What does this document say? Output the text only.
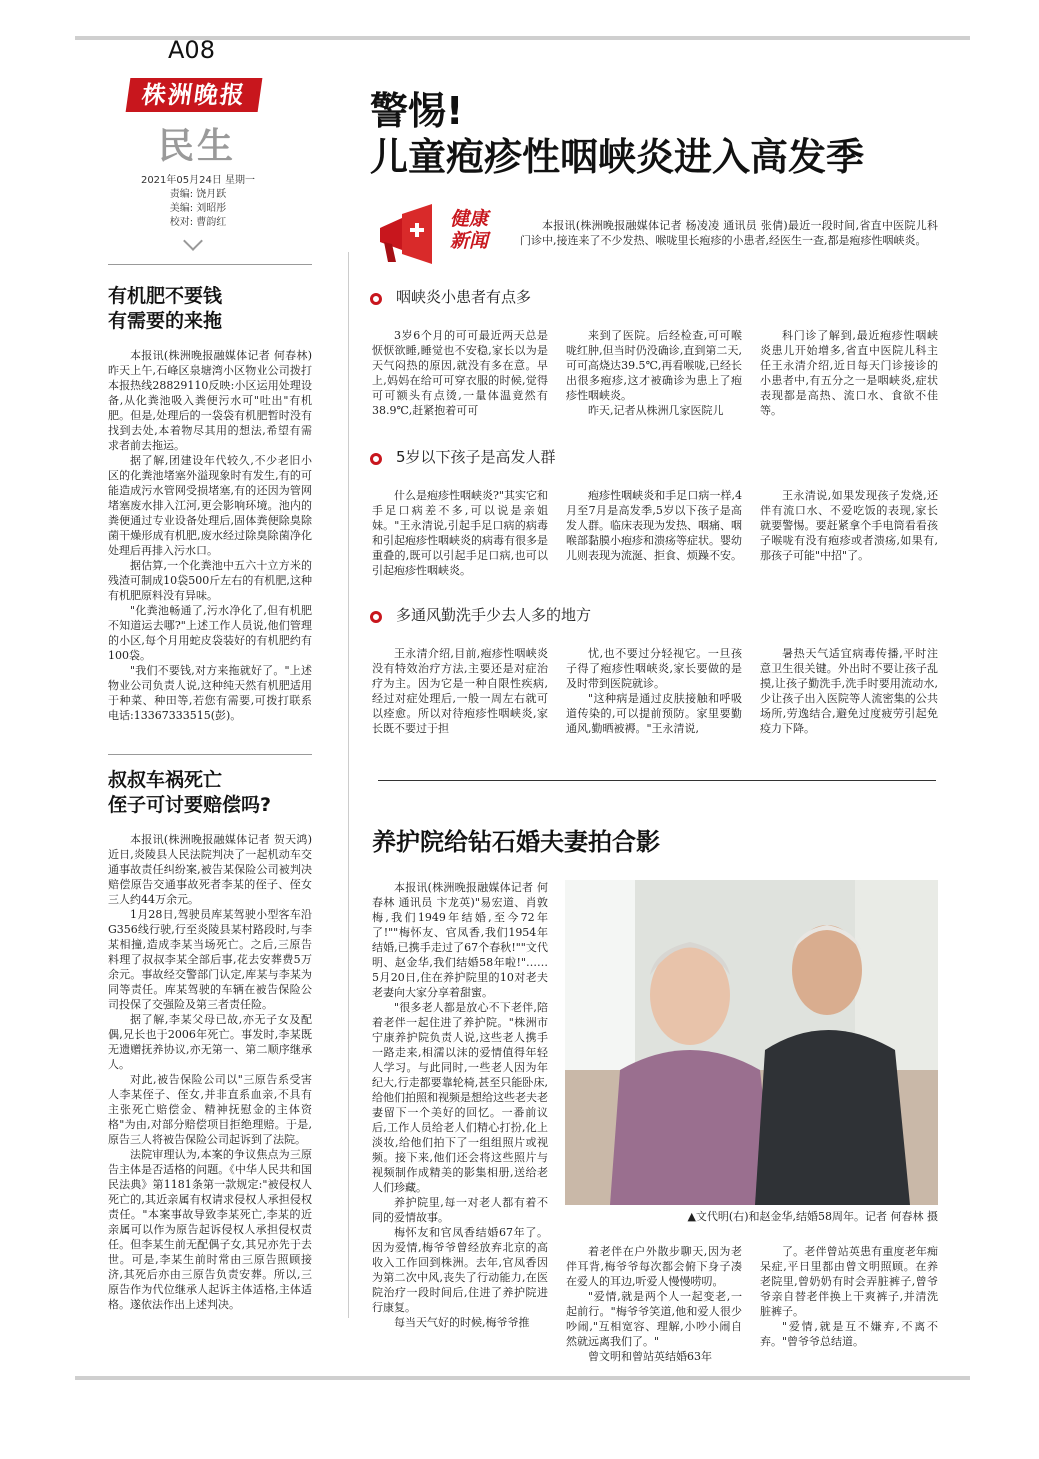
A08
株洲晚报
民生
2021年05月24日 星期一
责编: 饶月跃
美编: 刘昭彤
校对: 曹韵红
有机肥不要钱
有需要的来拖

本报讯(株洲晚报融媒体记者 何春林)昨天上午,石峰区泉塘湾小区物业公司拨打本报热线28829110反映:小区运用处理设备,从化粪池吸入粪便污水可"吐出"有机肥。但是,处理后的一袋袋有机肥暂时没有找到去处,本着物尽其用的想法,希望有需求者前去拖运。

据了解,团建设年代较久,不少老旧小区的化粪池堵塞外溢现象时有发生,有的可能造成污水管网受损堵塞,有的还因为管网堵塞废水排入江河,更会影响环境。池内的粪便通过专业设备处理后,固体粪便除臭除菌干燥形成有机肥,废水经过除臭除菌净化处理后再排入污水口。

据估算,一个化粪池中五六十立方米的残渣可制成10袋500斤左右的有机肥,这种有机肥原料没有异味。

"化粪池畅通了,污水净化了,但有机肥不知道运去哪?"上述工作人员说,他们管理的小区,每个月用蛇皮袋装好的有机肥约有100袋。

"我们不要钱,对方来拖就好了。"上述物业公司负责人说,这种纯天然有机肥适用于种菜、种田等,若您有需要,可拨打联系电话:13367333515(彭)。

叔叔车祸死亡
侄子可讨要赔偿吗?

本报讯(株洲晚报融媒体记者 贺天鸿)近日,炎陵县人民法院判决了一起机动车交通事故责任纠纷案,被告某保险公司被判决赔偿原告交通事故死者李某的侄子、侄女三人约44万余元。

1月28日,驾驶员库某驾驶小型客车沿G356线行驶,行至炎陵县某村路段时,与李某相撞,造成李某当场死亡。之后,三原告料理了叔叔李某全部后事,花去安葬费5万余元。事故经交警部门认定,库某与李某为同等责任。库某驾驶的车辆在被告保险公司投保了交强险及第三者责任险。

据了解,李某父母已故,亦无子女及配偶,兄长也于2006年死亡。事发时,李某既无遗赠抚养协议,亦无第一、第二顺序继承人。

对此,被告保险公司以"三原告系受害人李某侄子、侄女,并非直系血亲,不具有主张死亡赔偿金、精神抚慰金的主体资格"为由,对部分赔偿项目拒绝理赔。于是,原告三人将被告保险公司起诉到了法院。

法院审理认为,本案的争议焦点为三原告主体是否适格的问题。《中华人民共和国民法典》第1181条第一款规定:"被侵权人死亡的,其近亲属有权请求侵权人承担侵权责任。"本案事故导致李某死亡,李某的近亲属可以作为原告起诉侵权人承担侵权责任。但李某生前无配偶子女,其兄亦先于去世。可是,李某生前时常由三原告照顾接济,其死后亦由三原告负责安葬。所以,三原告作为代位继承人起诉主体适格,主体适格。遂依法作出上述判决。

警惕!
儿童疱疹性咽峡炎进入高发季
健康
新闻
本报讯(株洲晚报融媒体记者 杨凌凌 通讯员 张倩)最近一段时间,省直中医院儿科门诊中,接连来了不少发热、喉咙里长疱疹的小患者,经医生一查,都是疱疹性咽峡炎。
咽峡炎小患者有点多

3岁6个月的可可最近两天总是恹恹欲睡,睡觉也不安稳,家长以为是天气闷热的原因,就没有多在意。早上,妈妈在给可可穿衣服的时候,觉得可可额头有点烫,一量体温竟然有38.9℃,赶紧抱着可可

来到了医院。后经检查,可可喉咙红肿,但当时仍没确诊,直到第二天,可可高烧达39.5℃,再看喉咙,已经长出很多疱疹,这才被确诊为患上了疱疹性咽峡炎。

昨天,记者从株洲几家医院儿

科门诊了解到,最近疱疹性咽峡炎患儿开始增多,省直中医院儿科主任王永清介绍,近日每天门诊接诊的小患者中,有五分之一是咽峡炎,症状表现都是高热、流口水、食欲不佳等。

5岁以下孩子是高发人群

什么是疱疹性咽峡炎?"其实它和手足口病差不多,可以说是亲姐妹。"王永清说,引起手足口病的病毒和引起疱疹性咽峡炎的病毒有很多是重叠的,既可以引起手足口病,也可以引起疱疹性咽峡炎。

疱疹性咽峡炎和手足口病一样,4月至7月是高发季,5岁以下孩子是高发人群。临床表现为发热、咽痛、咽喉部黏膜小疱疹和溃疡等症状。婴幼儿则表现为流涎、拒食、烦躁不安。

王永清说,如果发现孩子发烧,还伴有流口水、不爱吃饭的表现,家长就要警惕。要赶紧拿个手电筒看看孩子喉咙有没有疱疹或者溃疡,如果有,那孩子可能"中招"了。

多通风勤洗手少去人多的地方

王永清介绍,目前,疱疹性咽峡炎没有特效治疗方法,主要还是对症治疗为主。因为它是一种自限性疾病,经过对症处理后,一般一周左右就可以痊愈。所以对待疱疹性咽峡炎,家长既不要过于担

忧,也不要过分轻视它。一旦孩子得了疱疹性咽峡炎,家长要做的是及时带到医院就诊。

"这种病是通过皮肤接触和呼吸道传染的,可以提前预防。家里要勤通风,勤晒被褥。"王永清说,

暑热天气适宜病毒传播,平时注意卫生很关键。外出时不要让孩子乱摸,让孩子勤洗手,洗手时要用流动水,少让孩子出入医院等人流密集的公共场所,劳逸结合,避免过度疲劳引起免疫力下降。

养护院给钻石婚夫妻拍合影

本报讯(株洲晚报融媒体记者 何春林 通讯员 卞龙英)"易宏道、肖敦梅,我们1949年结婚,至今72年了!""梅怀友、官凤香,我们1954年结婚,已携手走过了67个春秋!""文代明、赵金华,我们结婚58年啦!"……5月20日,住在养护院里的10对老夫老妻向大家分享着甜蜜。

"很多老人都是放心不下老伴,陪着老伴一起住进了养护院。"株洲市宁康养护院负责人说,这些老人携手一路走来,相濡以沫的爱情值得年轻人学习。与此同时,一些老人因为年纪大,行走都要靠轮椅,甚至只能卧床,给他们拍照和视频是想给这些老夫老妻留下一个美好的回忆。一番前议后,工作人员给老人们精心打扮,化上淡妆,给他们拍下了一组组照片或视频。接下来,他们还会将这些照片与视频制作成精美的影集相册,送给老人们珍藏。

养护院里,每一对老人都有着不同的爱情故事。

梅怀友和官凤香结婚67年了。因为爱情,梅爷爷曾经放弃北京的高收入工作回到株洲。去年,官凤香因为第二次中风,丧失了行动能力,在医院治疗一段时间后,住进了养护院进行康复。

每当天气好的时候,梅爷爷推

▲文代明(右)和赵金华,结婚58周年。记者 何春林 摄

着老伴在户外散步聊天,因为老伴耳背,梅爷爷每次都会俯下身子凑在爱人的耳边,听爱人慢慢唠叨。

"爱情,就是两个人一起变老,一起前行。"梅爷爷笑道,他和爱人很少吵闹,"互相宽容、理解,小吵小闹自然就远离我们了。"

曾文明和曾站英结婚63年

了。老伴曾站英患有重度老年痴呆症,平日里都由曾文明照顾。在养老院里,曾奶奶有时会弄脏裤子,曾爷爷亲自替老伴换上干爽裤子,并清洗脏裤子。

"爱情,就是互不嫌弃,不离不弃。"曾爷爷总结道。
